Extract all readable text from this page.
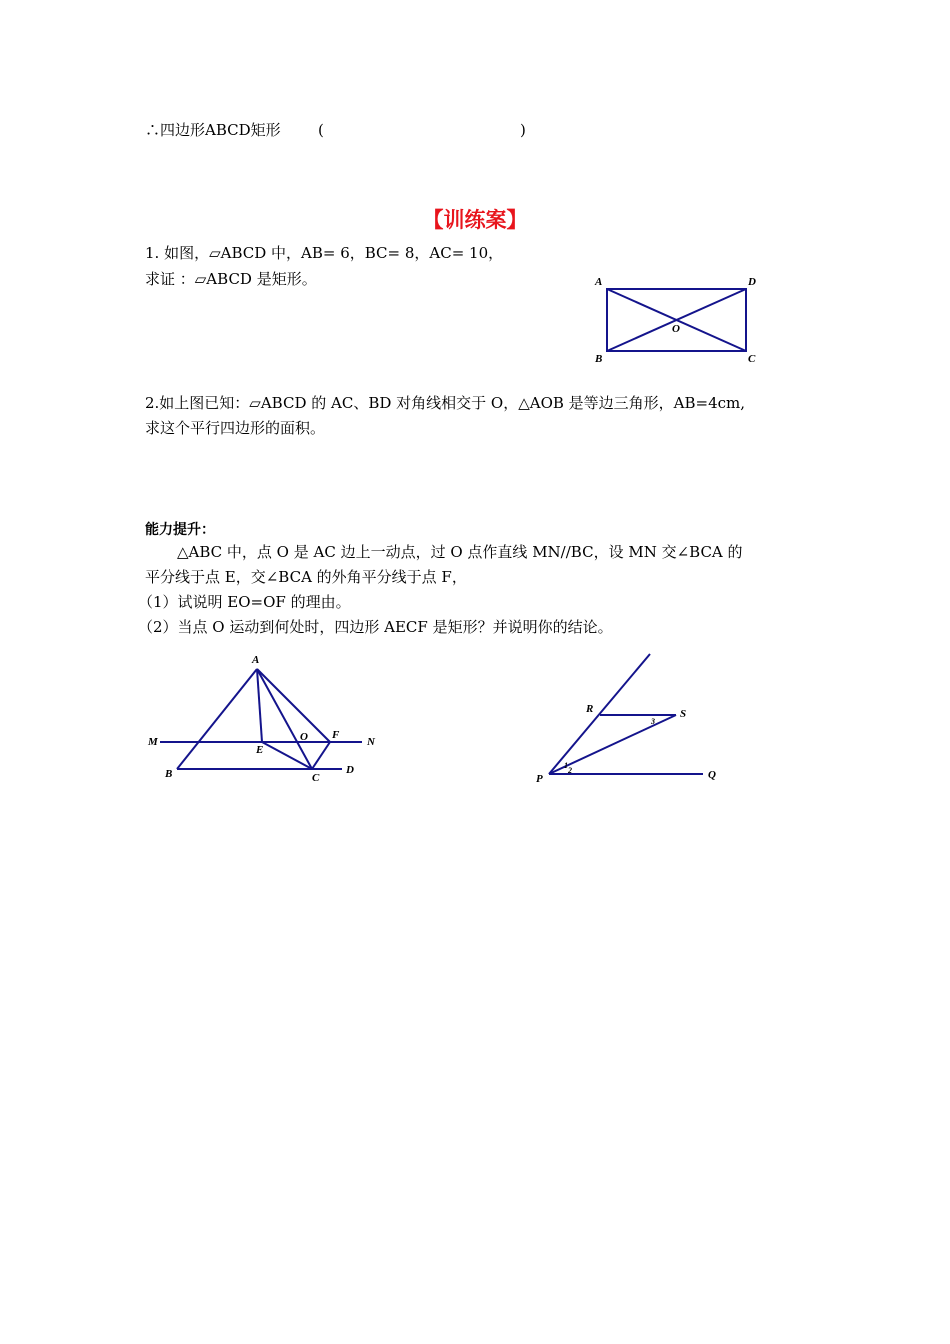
∴四边形ABCD矩形 (	)
【训练案】
1. 如图，▱ABCD 中，AB= 6，BC= 8，AC= 10，
求证 ：▱ABCD 是矩形。	A	D
O
B	C
2.如上图已知：▱ABCD 的 AC、BD 对角线相交于 O，△AOB 是等边三角形，AB=4cm,
求这个平行四边形的面积。
能力提升：
△ABC 中，点 O 是 AC 边上一动点，过 O 点作直线 MN//BC，设 MN 交∠BCA 的
平分线于点 E，交∠BCA 的外角平分线于点 F，
（1）试说明 EO=OF 的理由。
（2）当点 O 运动到何处时，四边形 AECF 是矩形？并说明你的结论。
A
M	N
E
O F
B	C
D
P	Q
R	S
1
2
3
